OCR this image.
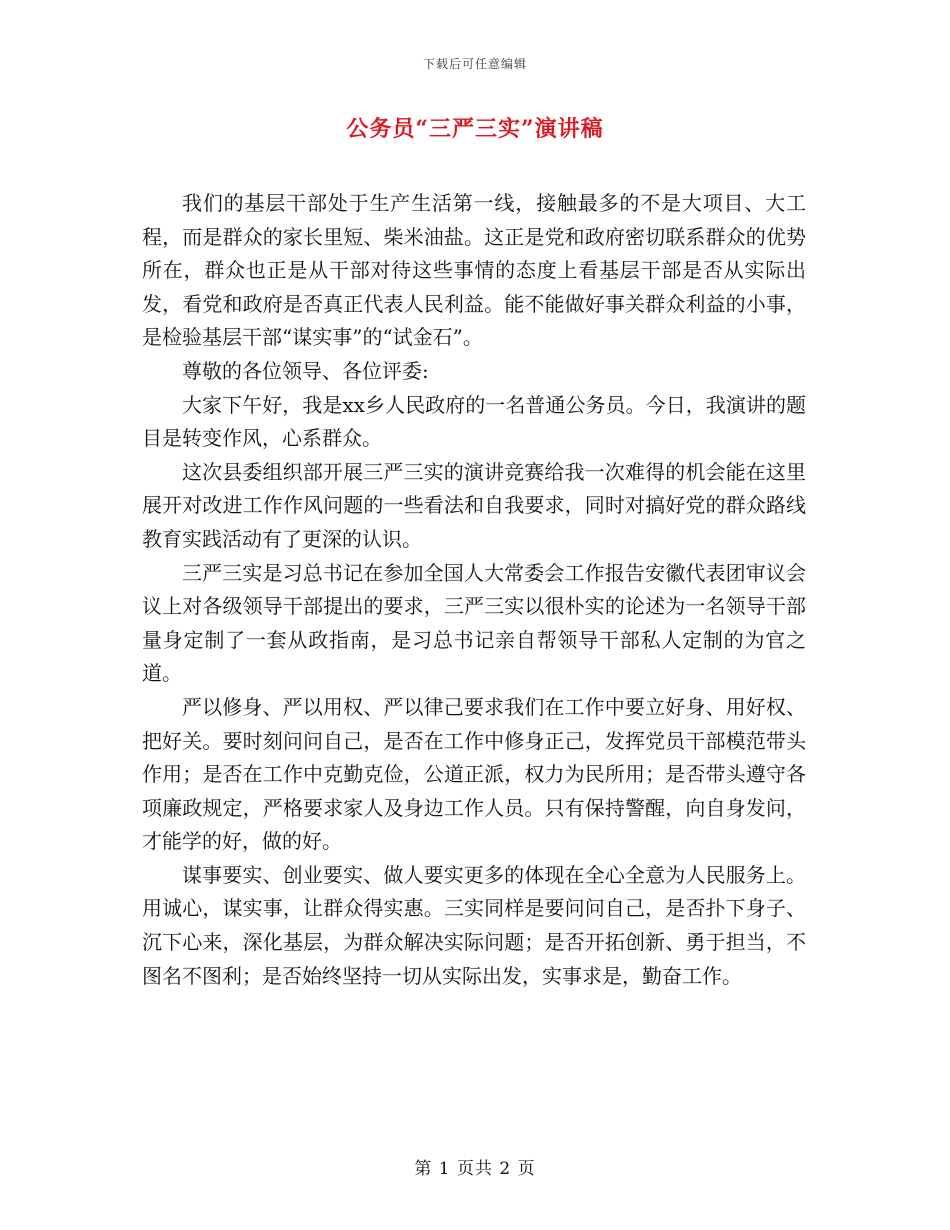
下载后可任意编辑
公务员“三严三实”演讲稿

我们的基层干部处于生产生活第一线，接触最多的不是大项目、大工程，而是群众的家长里短、柴米油盐。这正是党和政府密切联系群众的优势所在，群众也正是从干部对待这些事情的态度上看基层干部是否从实际出发，看党和政府是否真正代表人民利益。能不能做好事关群众利益的小事，是检验基层干部“谋实事”的“试金石”。

尊敬的各位领导、各位评委:

大家下午好，我是xx乡人民政府的一名普通公务员。今日，我演讲的题目是转变作风，心系群众。

这次县委组织部开展三严三实的演讲竞赛给我一次难得的机会能在这里展开对改进工作作风问题的一些看法和自我要求，同时对搞好党的群众路线教育实践活动有了更深的认识。

三严三实是习总书记在参加全国人大常委会工作报告安徽代表团审议会议上对各级领导干部提出的要求，三严三实以很朴实的论述为一名领导干部量身定制了一套从政指南，是习总书记亲自帮领导干部私人定制的为官之道。

严以修身、严以用权、严以律己要求我们在工作中要立好身、用好权、把好关。要时刻问问自己，是否在工作中修身正己，发挥党员干部模范带头作用；是否在工作中克勤克俭，公道正派，权力为民所用；是否带头遵守各项廉政规定，严格要求家人及身边工作人员。只有保持警醒，向自身发问，才能学的好，做的好。

谋事要实、创业要实、做人要实更多的体现在全心全意为人民服务上。用诚心，谋实事，让群众得实惠。三实同样是要问问自己，是否扑下身子、沉下心来，深化基层，为群众解决实际问题；是否开拓创新、勇于担当，不图名不图利；是否始终坚持一切从实际出发，实事求是，勤奋工作。

第 1 页共 2 页
